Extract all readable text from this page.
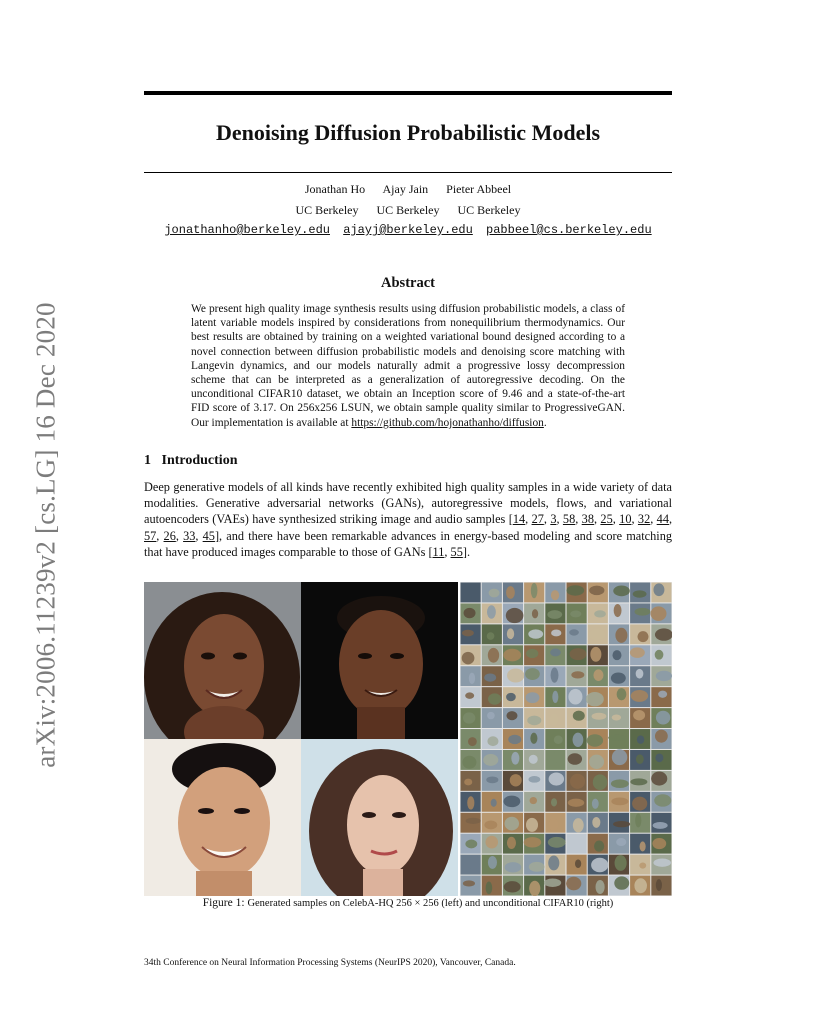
arXiv:2006.11239v2 [cs.LG] 16 Dec 2020
Denoising Diffusion Probabilistic Models
Jonathan Ho      Ajay Jain      Pieter Abbeel
UC Berkeley      UC Berkeley      UC Berkeley
jonathanho@berkeley.edu ajayj@berkeley.edu pabbeel@cs.berkeley.edu
Abstract

We present high quality image synthesis results using diffusion probabilistic models, a class of latent variable models inspired by considerations from nonequilibrium thermodynamics. Our best results are obtained by training on a weighted variational bound designed according to a novel connection between diffusion probabilistic models and denoising score matching with Langevin dynamics, and our models naturally admit a progressive lossy decompression scheme that can be interpreted as a generalization of autoregressive decoding. On the unconditional CIFAR10 dataset, we obtain an Inception score of 9.46 and a state-of-the-art FID score of 3.17. On 256x256 LSUN, we obtain sample quality similar to ProgressiveGAN. Our implementation is available at https://github.com/hojonathanho/diffusion.

1   Introduction

Deep generative models of all kinds have recently exhibited high quality samples in a wide variety of data modalities. Generative adversarial networks (GANs), autoregressive models, flows, and variational autoencoders (VAEs) have synthesized striking image and audio samples [14, 27, 3, 58, 38, 25, 10, 32, 44, 57, 26, 33, 45], and there have been remarkable advances in energy-based modeling and score matching that have produced images comparable to those of GANs [11, 55].

Figure 1: Generated samples on CelebA-HQ 256 × 256 (left) and unconditional CIFAR10 (right)

34th Conference on Neural Information Processing Systems (NeurIPS 2020), Vancouver, Canada.
